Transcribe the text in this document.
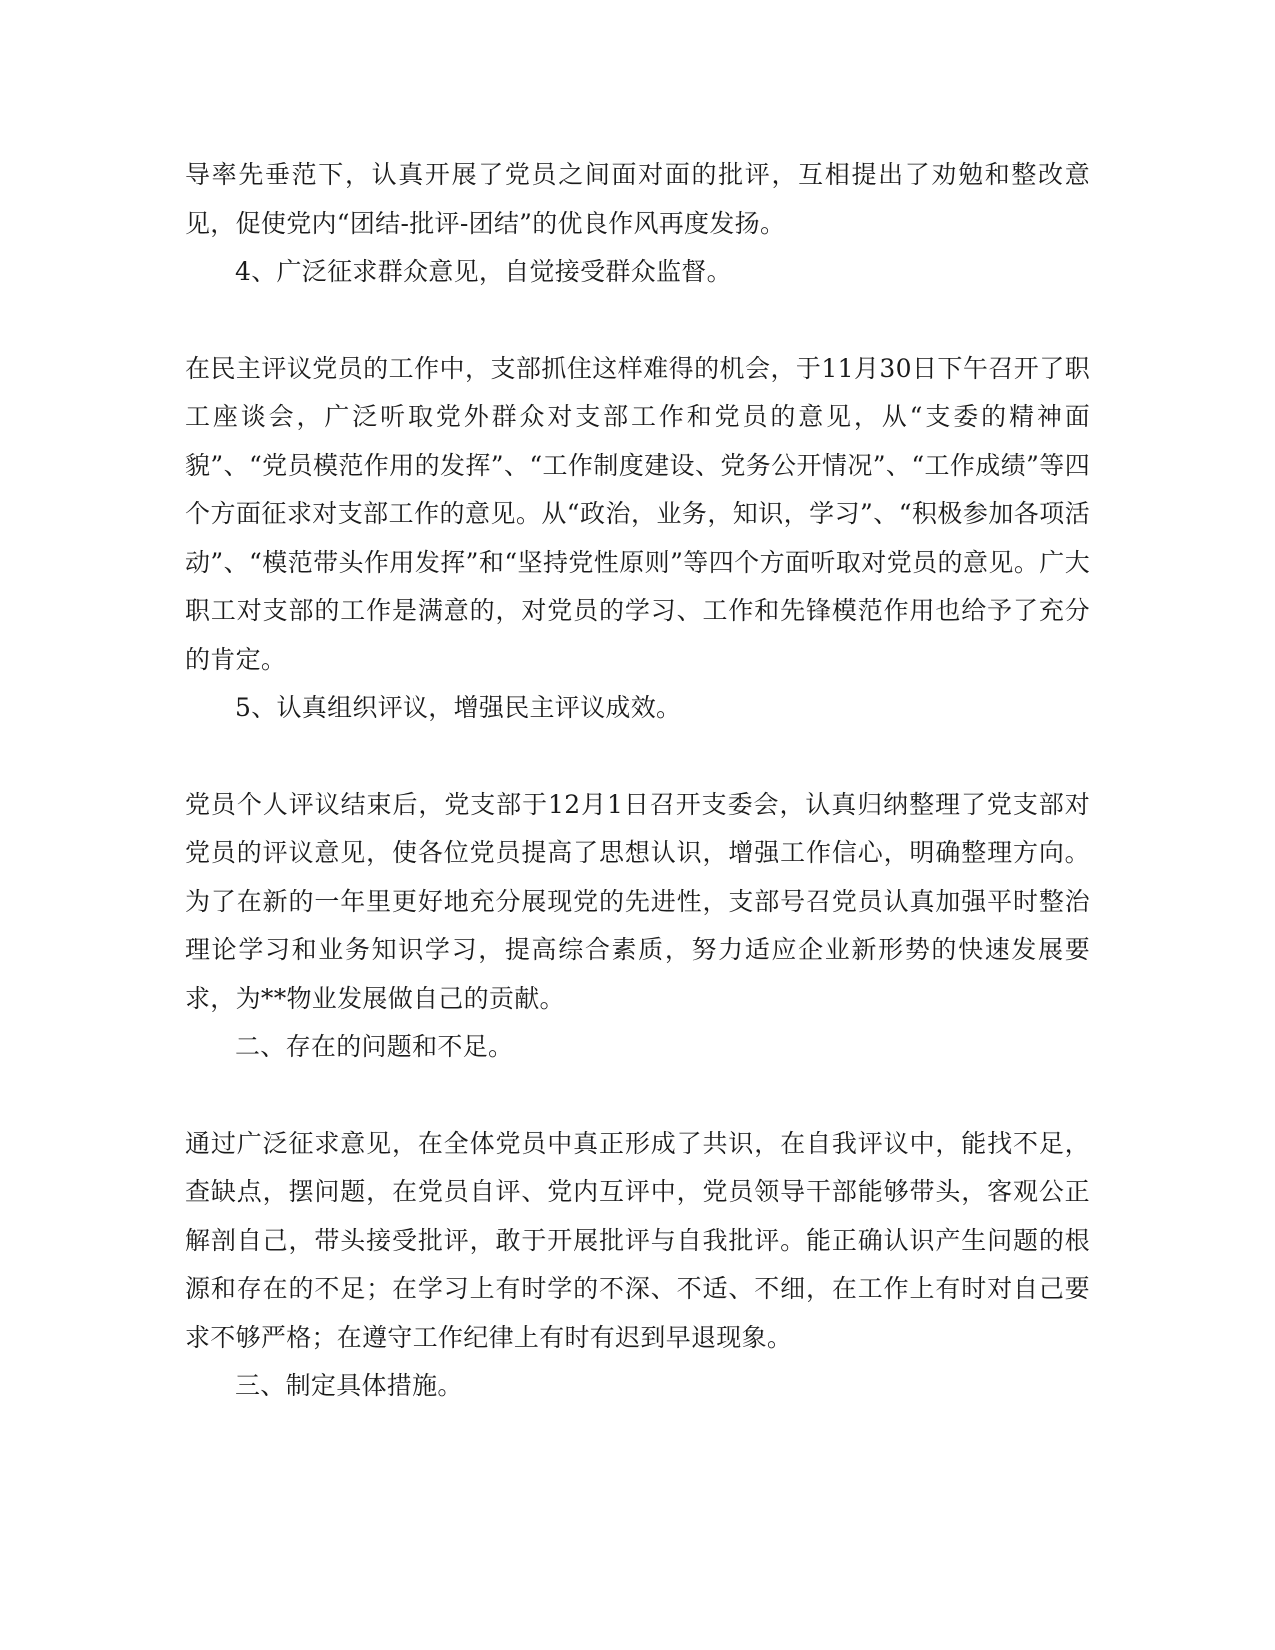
导率先垂范下，认真开展了党员之间面对面的批评，互相提出了劝勉和整改意见，促使党内“团结-批评-团结”的优良作风再度发扬。

4、广泛征求群众意见，自觉接受群众监督。

在民主评议党员的工作中，支部抓住这样难得的机会，于11月30日下午召开了职工座谈会，广泛听取党外群众对支部工作和党员的意见，从“支委的精神面貌”、“党员模范作用的发挥”、“工作制度建设、党务公开情况”、“工作成绩”等四个方面征求对支部工作的意见。从“政治，业务，知识，学习”、“积极参加各项活动”、“模范带头作用发挥”和“坚持党性原则”等四个方面听取对党员的意见。广大职工对支部的工作是满意的，对党员的学习、工作和先锋模范作用也给予了充分的肯定。

5、认真组织评议，增强民主评议成效。

党员个人评议结束后，党支部于12月1日召开支委会，认真归纳整理了党支部对党员的评议意见，使各位党员提高了思想认识，增强工作信心，明确整理方向。为了在新的一年里更好地充分展现党的先进性，支部号召党员认真加强平时整治理论学习和业务知识学习，提高综合素质，努力适应企业新形势的快速发展要求，为**物业发展做自己的贡献。

二、存在的问题和不足。

通过广泛征求意见，在全体党员中真正形成了共识，在自我评议中，能找不足，查缺点，摆问题，在党员自评、党内互评中，党员领导干部能够带头，客观公正解剖自己，带头接受批评，敢于开展批评与自我批评。能正确认识产生问题的根源和存在的不足；在学习上有时学的不深、不适、不细，在工作上有时对自己要求不够严格；在遵守工作纪律上有时有迟到早退现象。

三、制定具体措施。
